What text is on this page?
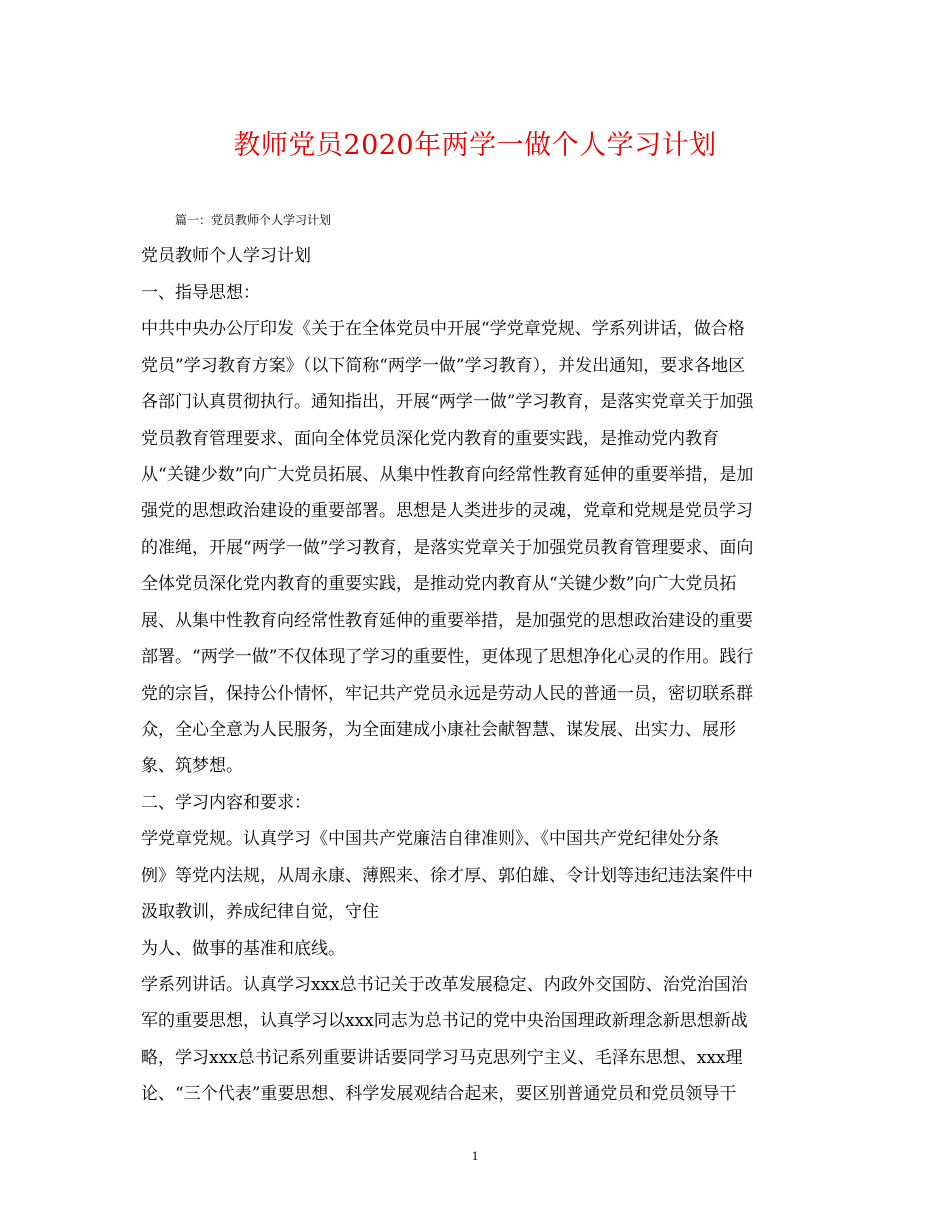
教师党员2020年两学一做个人学习计划
篇一：党员教师个人学习计划
党员教师个人学习计划
一、指导思想：
中共中央办公厅印发《关于在全体党员中开展“学党章党规、学系列讲话，做合格
党员”学习教育方案》（以下简称“两学一做”学习教育），并发出通知，要求各地区
各部门认真贯彻执行。通知指出，开展“两学一做”学习教育，是落实党章关于加强
党员教育管理要求、面向全体党员深化党内教育的重要实践，是推动党内教育
从“关键少数”向广大党员拓展、从集中性教育向经常性教育延伸的重要举措，是加
强党的思想政治建设的重要部署。思想是人类进步的灵魂，党章和党规是党员学习
的准绳，开展“两学一做”学习教育，是落实党章关于加强党员教育管理要求、面向
全体党员深化党内教育的重要实践，是推动党内教育从“关键少数”向广大党员拓
展、从集中性教育向经常性教育延伸的重要举措，是加强党的思想政治建设的重要
部署。“两学一做”不仅体现了学习的重要性，更体现了思想净化心灵的作用。践行
党的宗旨，保持公仆情怀，牢记共产党员永远是劳动人民的普通一员，密切联系群
众，全心全意为人民服务，为全面建成小康社会献智慧、谋发展、出实力、展形
象、筑梦想。
二、学习内容和要求：
学党章党规。认真学习《中国共产党廉洁自律准则》、《中国共产党纪律处分条
例》等党内法规，从周永康、薄熙来、徐才厚、郭伯雄、令计划等违纪违法案件中
汲取教训，养成纪律自觉，守住
为人、做事的基准和底线。
学系列讲话。认真学习xxx总书记关于改革发展稳定、内政外交国防、治党治国治
军的重要思想，认真学习以xxx同志为总书记的党中央治国理政新理念新思想新战
略，学习xxx总书记系列重要讲话要同学习马克思列宁主义、毛泽东思想、xxx理
论、“三个代表”重要思想、科学发展观结合起来，要区别普通党员和党员领导干
1
